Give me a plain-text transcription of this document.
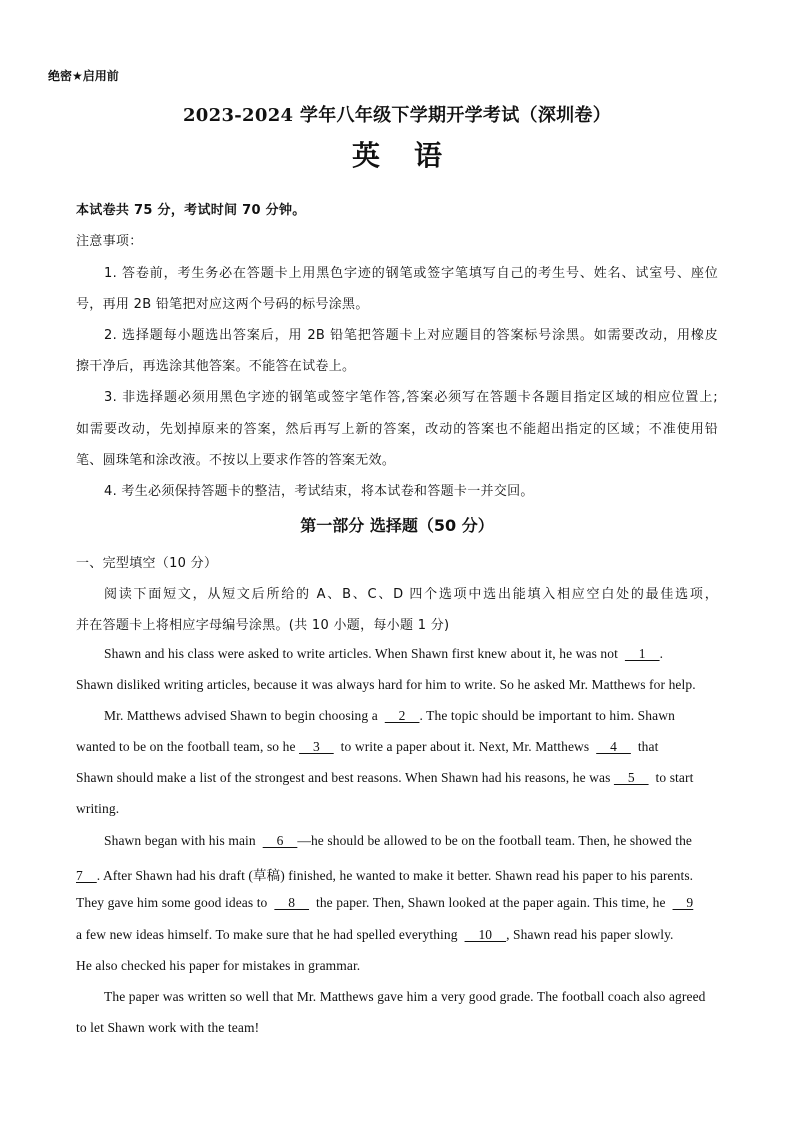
绝密★启用前
2023-2024 学年八年级下学期开学考试（深圳卷）
英 语
本试卷共 75 分，考试时间 70 分钟。
注意事项：
1. 答卷前，考生务必在答题卡上用黑色字迹的钢笔或签字笔填写自己的考生号、姓名、试室号、座位
号，再用 2B 铅笔把对应这两个号码的标号涂黑。
2. 选择题每小题选出答案后，用 2B 铅笔把答题卡上对应题目的答案标号涂黑。如需要改动，用橡皮
擦干净后，再选涂其他答案。不能答在试卷上。
3. 非选择题必须用黑色字迹的钢笔或签字笔作答,答案必须写在答题卡各题目指定区域的相应位置上;
如需要改动，先划掉原来的答案，然后再写上新的答案，改动的答案也不能超出指定的区域；不准使用铅
笔、圆珠笔和涂改液。不按以上要求作答的答案无效。
4. 考生必须保持答题卡的整洁，考试结束，将本试卷和答题卡一并交回。
第一部分 选择题（50 分）
一、完型填空（10 分）
阅读下面短文，从短文后所给的 A、B、C、D 四个选项中选出能填入相应空白处的最佳选项，
并在答题卡上将相应字母编号涂黑。(共 10 小题，每小题 1 分)
Shawn and his class were asked to write articles. When Shawn first knew about it, he was not      1    .
Shawn disliked writing articles, because it was always hard for him to write. So he asked Mr. Matthews for help.
Mr. Matthews advised Shawn to begin choosing a      2    . The topic should be important to him. Shawn
wanted to be on the football team, so he     3      to write a paper about it. Next, Mr. Matthews      4      that
Shawn should make a list of the strongest and best reasons. When Shawn had his reasons, he was     5      to start
writing.
Shawn began with his main      6    —he should be allowed to be on the football team. Then, he showed the
7    . After Shawn had his draft (草稿) finished, he wanted to make it better. Shawn read his paper to his parents.
They gave him some good ideas to      8      the paper. Then, Shawn looked at the paper again. This time, he      9
a few new ideas himself. To make sure that he had spelled everything      10    , Shawn read his paper slowly.
He also checked his paper for mistakes in grammar.
The paper was written so well that Mr. Matthews gave him a very good grade. The football coach also agreed
to let Shawn work with the team!
